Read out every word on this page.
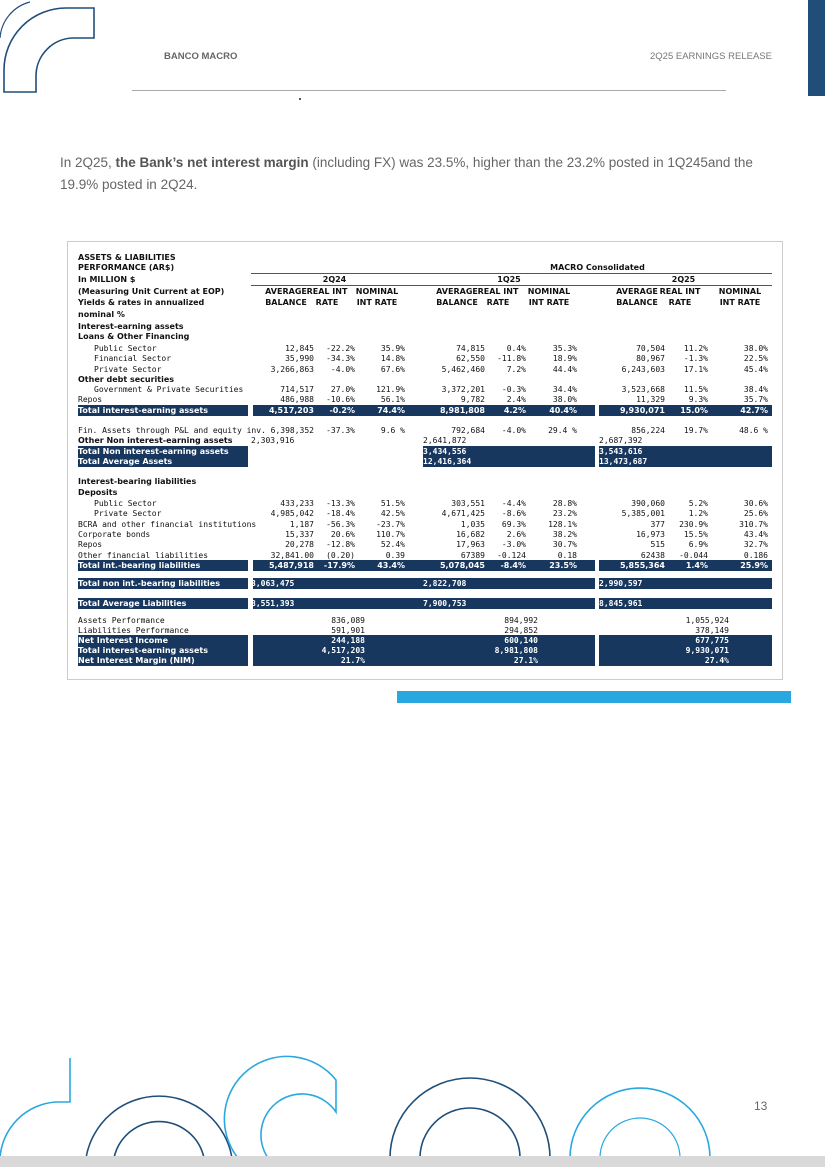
BANCO MACRO	2Q25 EARNINGS RELEASE
In 2Q25, the Bank’s net interest margin (including FX) was 23.5%, higher than the 23.2% posted in 1Q245and the 19.9% posted in 2Q24.
ASSETS & LIABILITIES
PERFORMANCE (AR$)	MACRO Consolidated
In MILLION $	2Q24	1Q25	2Q25
(Measuring Unit Current at EOP)	AVERAGE REAL INT	NOMINAL	AVERAGE REAL INT	NOMINAL	AVERAGE REAL INT	NOMINAL
Yields & rates in annualized	BALANCE	RATE	INT RATE	BALANCE	RATE	INT RATE	BALANCE	RATE	INT RATE
nominal %
Interest-earning assets
Loans & Other Financing
Public Sector	12,845	-22.2%	35.9%	74,815	0.4%	35.3%	70,504	11.2%	38.0%
Financial Sector	35,990	-34.3%	14.8%	62,550	-11.8%	18.9%	80,967	-1.3%	22.5%
Private Sector	3,266,863	-4.0%	67.6%	5,462,460	7.2%	44.4%	6,243,603	17.1%	45.4%
Other debt securities
Government & Private Securities	714,517	27.0%	121.9%	3,372,201	-0.3%	34.4%	3,523,668	11.5%	38.4%
Repos	486,988	-10.6%	56.1%	9,782	2.4%	38.0%	11,329	9.3%	35.7%
Total interest-earning assets	4,517,203	-0.2%	74.4%	8,981,808	4.2%	40.4%	9,930,071	15.0%	42.7%
Fin. Assets through P&L and equity inv. 6,398,352	-37.3%	9.6 %	792,684	-4.0%	29.4 %	856,224	19.7%	48.6 %
Other Non interest-earning assets 2,303,916	2,641,872	2,687,392
Total Non interest-earning assets	8,702,268	3,434,556	3,543,616
Total Average Assets	13,219,471	12,416,364	13,473,687
Interest-bearing liabilities
Deposits
Public Sector	433,233	-13.3%	51.5%	303,551	-4.4%	28.8%	390,060	5.2%	30.6%
Private Sector	4,985,042	-18.4%	42.5%	4,671,425	-8.6%	23.2%	5,385,001	1.2%	25.6%
BCRA and other financial institutions	1,187	-56.3%	-23.7%	1,035	69.3%	128.1%	377	230.9%	310.7%
Corporate bonds	15,337	20.6%	110.7%	16,682	2.6%	38.2%	16,973	15.5%	43.4%
Repos	20,278	-12.8%	52.4%	17,963	-3.0%	30.7%	515	6.9%	32.7%
Other financial liabilities	32,841.00	(0.20)	0.39	67389	-0.124	0.18	62438	-0.044	0.186
Total int.-bearing liabilities	5,487,918	-17.9%	43.4%	5,078,045	-8.4%	23.5%	5,855,364	1.4%	25.9%
Total non int.-bearing liabilities	3,063,475	2,822,708	2,990,597
Total Average Liabilities	8,551,393	7,900,753	8,845,961
Assets Performance	836,089	894,992	1,055,924
Liabilities Performance	591,901	294,852	378,149
Net Interest Income	244,188	600,140	677,775
Total interest-earning assets	4,517,203	8,981,808	9,930,071
Net Interest Margin (NIM)	21.7%	27.1%	27.4%
13
